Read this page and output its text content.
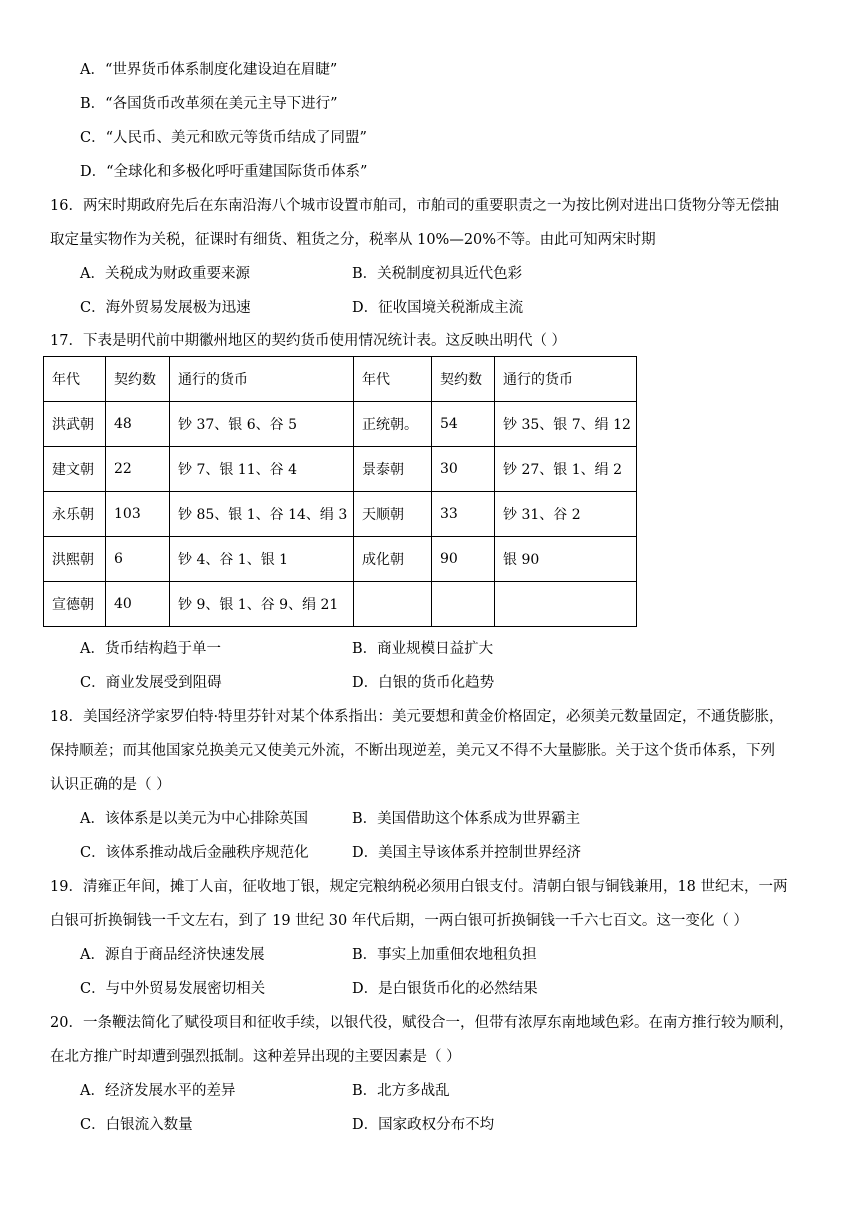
A．“世界货币体系制度化建设迫在眉睫”
B．“各国货币改革须在美元主导下进行”
C．“人民币、美元和欧元等货币结成了同盟”
D．“全球化和多极化呼吁重建国际货币体系”
16．两宋时期政府先后在东南沿海八个城市设置市舶司，市舶司的重要职责之一为按比例对进出口货物分等无偿抽
取定量实物作为关税，征课时有细货、粗货之分，税率从 10%—20%不等。由此可知两宋时期
A．关税成为财政重要来源	B．关税制度初具近代色彩
C．海外贸易发展极为迅速	D．征收国境关税渐成主流
17．下表是明代前中期徽州地区的契约货币使用情况统计表。这反映出明代（ ）
年代	契约数	通行的货币	年代	契约数	通行的货币
洪武朝	48	钞 37、银 6、谷 5	正统朝。	54	钞 35、银 7、绢 12
建文朝	22	钞 7、银 11、谷 4	景泰朝	30	钞 27、银 1、绢 2
永乐朝	103	钞 85、银 1、谷 14、绢 3	天顺朝	33	钞 31、谷 2
洪熙朝	6	钞 4、谷 1、银 1	成化朝	90	银 90
宣德朝	40	钞 9、银 1、谷 9、绢 21			
A．货币结构趋于单一	B．商业规模日益扩大
C．商业发展受到阻碍	D．白银的货币化趋势
18．美国经济学家罗伯特·特里芬针对某个体系指出：美元要想和黄金价格固定，必须美元数量固定，不通货膨胀，
保持顺差；而其他国家兑换美元又使美元外流，不断出现逆差，美元又不得不大量膨胀。关于这个货币体系，下列
认识正确的是（ ）
A．该体系是以美元为中心排除英国	B．美国借助这个体系成为世界霸主
C．该体系推动战后金融秩序规范化	D．美国主导该体系并控制世界经济
19．清雍正年间，摊丁人亩，征收地丁银，规定完粮纳税必须用白银支付。清朝白银与铜钱兼用，18 世纪末，一两
白银可折换铜钱一千文左右，到了 19 世纪 30 年代后期，一两白银可折换铜钱一千六七百文。这一变化（ ）
A．源自于商品经济快速发展	B．事实上加重佃农地租负担
C．与中外贸易发展密切相关	D．是白银货币化的必然结果
20．一条鞭法简化了赋役项目和征收手续，以银代役，赋役合一，但带有浓厚东南地域色彩。在南方推行较为顺利，
在北方推广时却遭到强烈抵制。这种差异出现的主要因素是（ ）
A．经济发展水平的差异	B．北方多战乱
C．白银流入数量	D．国家政权分布不均
